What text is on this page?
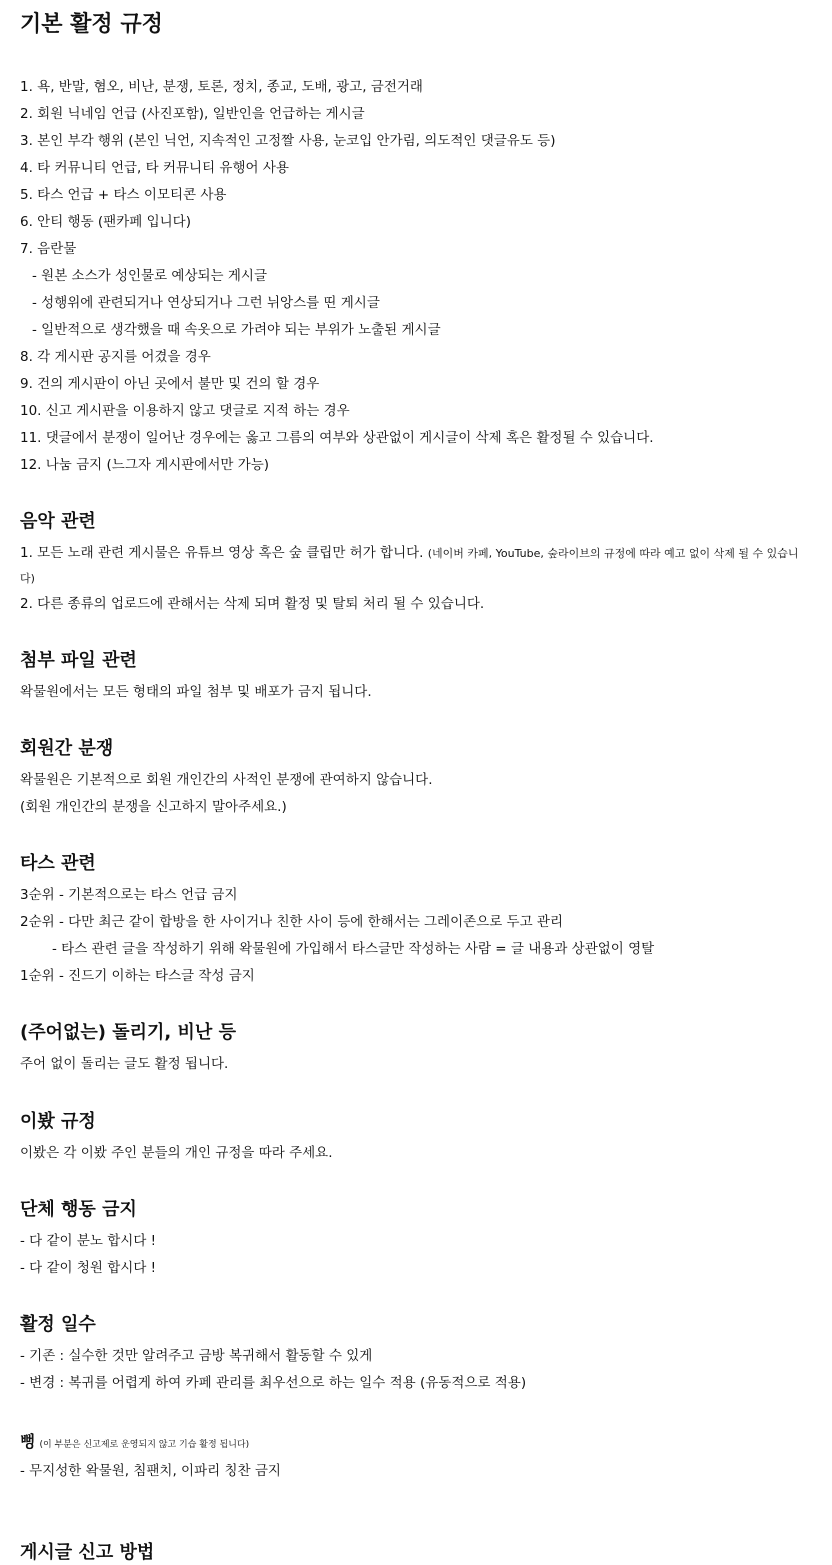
기본 활정 규정

1. 욕, 반말, 혐오, 비난, 분쟁, 토론, 정치, 종교, 도배, 광고, 금전거래

2. 회원 닉네임 언급 (사진포함), 일반인을 언급하는 게시글

3. 본인 부각 행위 (본인 닉언, 지속적인 고정짤 사용, 눈코입 안가림, 의도적인 댓글유도 등)

4. 타 커뮤니티 언급, 타 커뮤니티 유행어 사용

5. 타스 언급 + 타스 이모티콘 사용

6. 안티 행동 (팬카페 입니다)

7. 음란물

- 원본 소스가 성인물로 예상되는 게시글

- 성행위에 관련되거나 연상되거나 그런 뉘앙스를 띤 게시글

- 일반적으로 생각했을 때 속옷으로 가려야 되는 부위가 노출된 게시글

8. 각 게시판 공지를 어겼을 경우

9. 건의 게시판이 아닌 곳에서 불만 및 건의 할 경우

10. 신고 게시판을 이용하지 않고 댓글로 지적 하는 경우

11. 댓글에서 분쟁이 일어난 경우에는 옳고 그름의 여부와 상관없이 게시글이 삭제 혹은 활정될 수 있습니다.

12. 나눔 금지 (느그자 게시판에서만 가능)

음악 관련

1. 모든 노래 관련 게시물은 유튜브 영상 혹은 숲 클립만 허가 합니다. (네이버 카페, YouTube, 숲라이브의 규정에 따라 예고 없이 삭제 될 수 있습니다)

2. 다른 종류의 업로드에 관해서는 삭제 되며 활정 및 탈퇴 처리 될 수 있습니다.

첨부 파일 관련

왁물원에서는 모든 형태의 파일 첨부 및 배포가 금지 됩니다.

회원간 분쟁

왁물원은 기본적으로 회원 개인간의 사적인 분쟁에 관여하지 않습니다.

(회원 개인간의 분쟁을 신고하지 말아주세요.)

타스 관련

3순위 - 기본적으로는 타스 언급 금지

2순위 - 다만 최근 같이 합방을 한 사이거나 친한 사이 등에 한해서는 그레이존으로 두고 관리

- 타스 관련 글을 작성하기 위해 왁물원에 가입해서 타스글만 작성하는 사람 = 글 내용과 상관없이 영탈

1순위 - 진드기 이하는 타스글 작성 금지

(주어없는) 돌리기, 비난 등

주어 없이 돌리는 글도 활정 됩니다.

이봤 규정

이봤은 각 이봤 주인 분들의 개인 규정을 따라 주세요.

단체 행동 금지

- 다 같이 분노 합시다 !

- 다 같이 청원 합시다 !

활정 일수

- 기존 : 실수한 것만 알려주고 금방 복귀해서 활동할 수 있게

- 변경 : 복귀를 어렵게 하여 카페 관리를 최우선으로 하는 일수 적용 (유동적으로 적용)

뻥 (이 부분은 신고제로 운영되지 않고 기습 활정 됩니다)

- 무지성한 왁물원, 침팬치, 이파리 칭찬 금지

게시글 신고 방법
